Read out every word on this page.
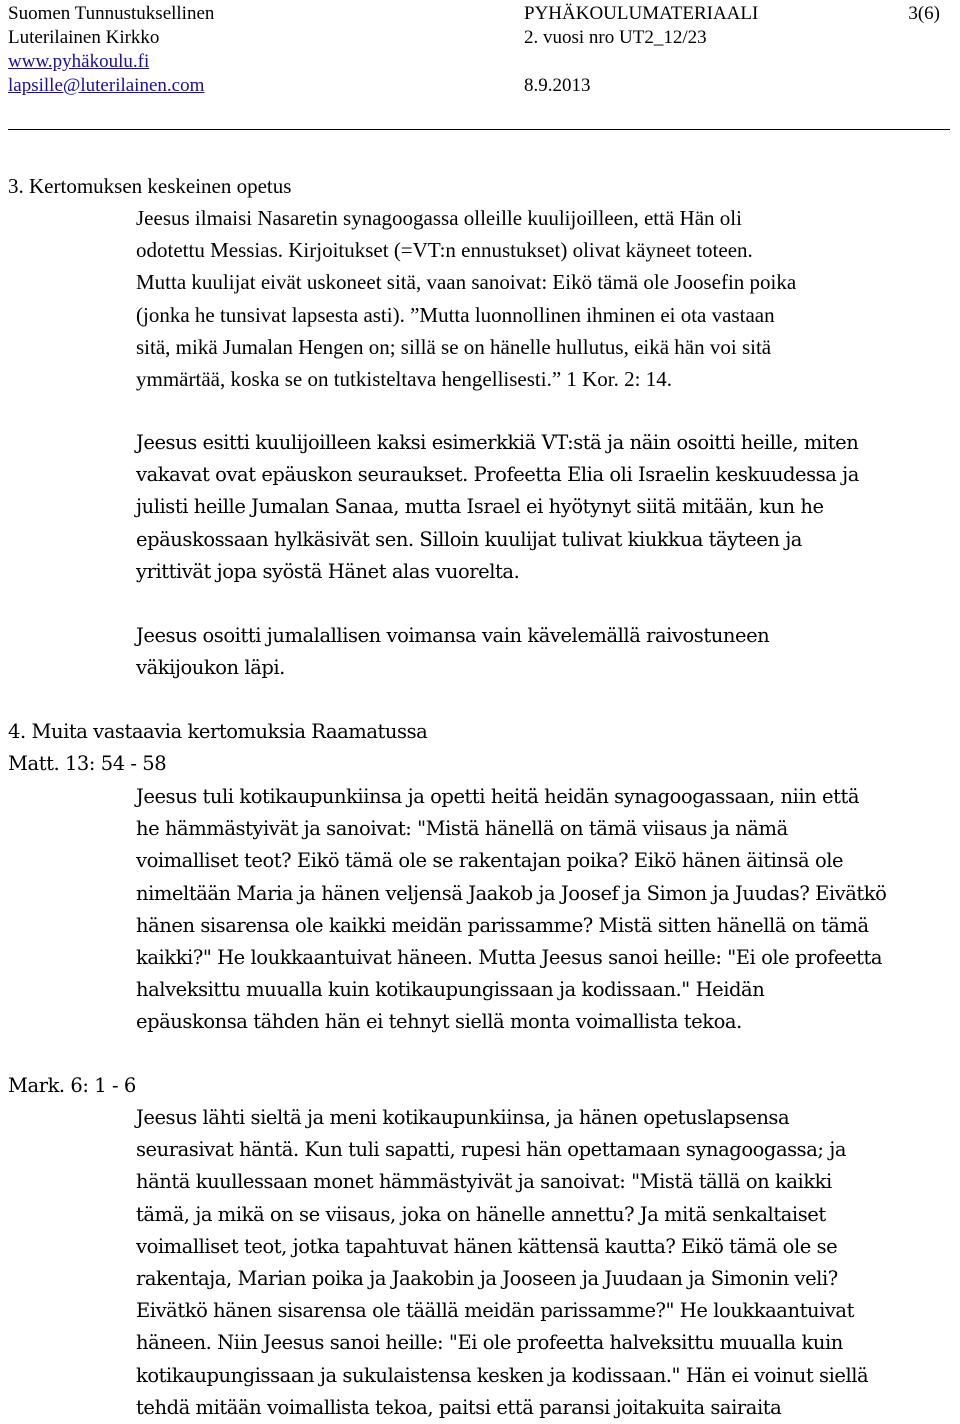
Suomen Tunnustuksellinen
Luterilainen Kirkko
www.pyhäkoulu.fi
lapsille@luterilainen.com
PYHÄKOULUMATERIAALI
2. vuosi nro UT2_12/23
8.9.2013
3(6)
3. Kertomuksen keskeinen opetus
Jeesus ilmaisi Nasaretin synagoogassa olleille kuulijoilleen, että Hän oli
odotettu Messias. Kirjoitukset (=VT:n ennustukset) olivat käyneet toteen.
Mutta kuulijat eivät uskoneet sitä, vaan sanoivat: Eikö tämä ole Joosefin poika
(jonka he tunsivat lapsesta asti). ”Mutta luonnollinen ihminen ei ota vastaan
sitä, mikä Jumalan Hengen on; sillä se on hänelle hullutus, eikä hän voi sitä
ymmärtää, koska se on tutkisteltava hengellisesti.” 1 Kor. 2: 14.
Jeesus esitti kuulijoilleen kaksi esimerkkiä VT:stä ja näin osoitti heille, miten
vakavat ovat epäuskon seuraukset. Profeetta Elia oli Israelin keskuudessa ja
julisti heille Jumalan Sanaa, mutta Israel ei hyötynyt siitä mitään, kun he
epäuskossaan hylkäsivät sen. Silloin kuulijat tulivat kiukkua täyteen ja
yrittivät jopa syöstä Hänet alas vuorelta.
Jeesus osoitti jumalallisen voimansa vain kävelemällä raivostuneen
väkijoukon läpi.
4. Muita vastaavia kertomuksia Raamatussa
Matt. 13: 54 - 58
Jeesus tuli kotikaupunkiinsa ja opetti heitä heidän synagoogassaan, niin että
he hämmästyivät ja sanoivat: "Mistä hänellä on tämä viisaus ja nämä
voimalliset teot? Eikö tämä ole se rakentajan poika? Eikö hänen äitinsä ole
nimeltään Maria ja hänen veljensä Jaakob ja Joosef ja Simon ja Juudas? Eivätkö
hänen sisarensa ole kaikki meidän parissamme? Mistä sitten hänellä on tämä
kaikki?" He loukkaantuivat häneen. Mutta Jeesus sanoi heille: "Ei ole profeetta
halveksittu muualla kuin kotikaupungissaan ja kodissaan." Heidän
epäuskonsa tähden hän ei tehnyt siellä monta voimallista tekoa.
Mark. 6: 1 - 6
Jeesus lähti sieltä ja meni kotikaupunkiinsa, ja hänen opetuslapsensa
seurasivat häntä. Kun tuli sapatti, rupesi hän opettamaan synagoogassa; ja
häntä kuullessaan monet hämmästyivät ja sanoivat: "Mistä tällä on kaikki
tämä, ja mikä on se viisaus, joka on hänelle annettu? Ja mitä senkaltaiset
voimalliset teot, jotka tapahtuvat hänen kättensä kautta? Eikö tämä ole se
rakentaja, Marian poika ja Jaakobin ja Jooseen ja Juudaan ja Simonin veli?
Eivätkö hänen sisarensa ole täällä meidän parissamme?" He loukkaantuivat
häneen. Niin Jeesus sanoi heille: "Ei ole profeetta halveksittu muualla kuin
kotikaupungissaan ja sukulaistensa kesken ja kodissaan." Hän ei voinut siellä
tehdä mitään voimallista tekoa, paitsi että paransi joitakuita sairaita
